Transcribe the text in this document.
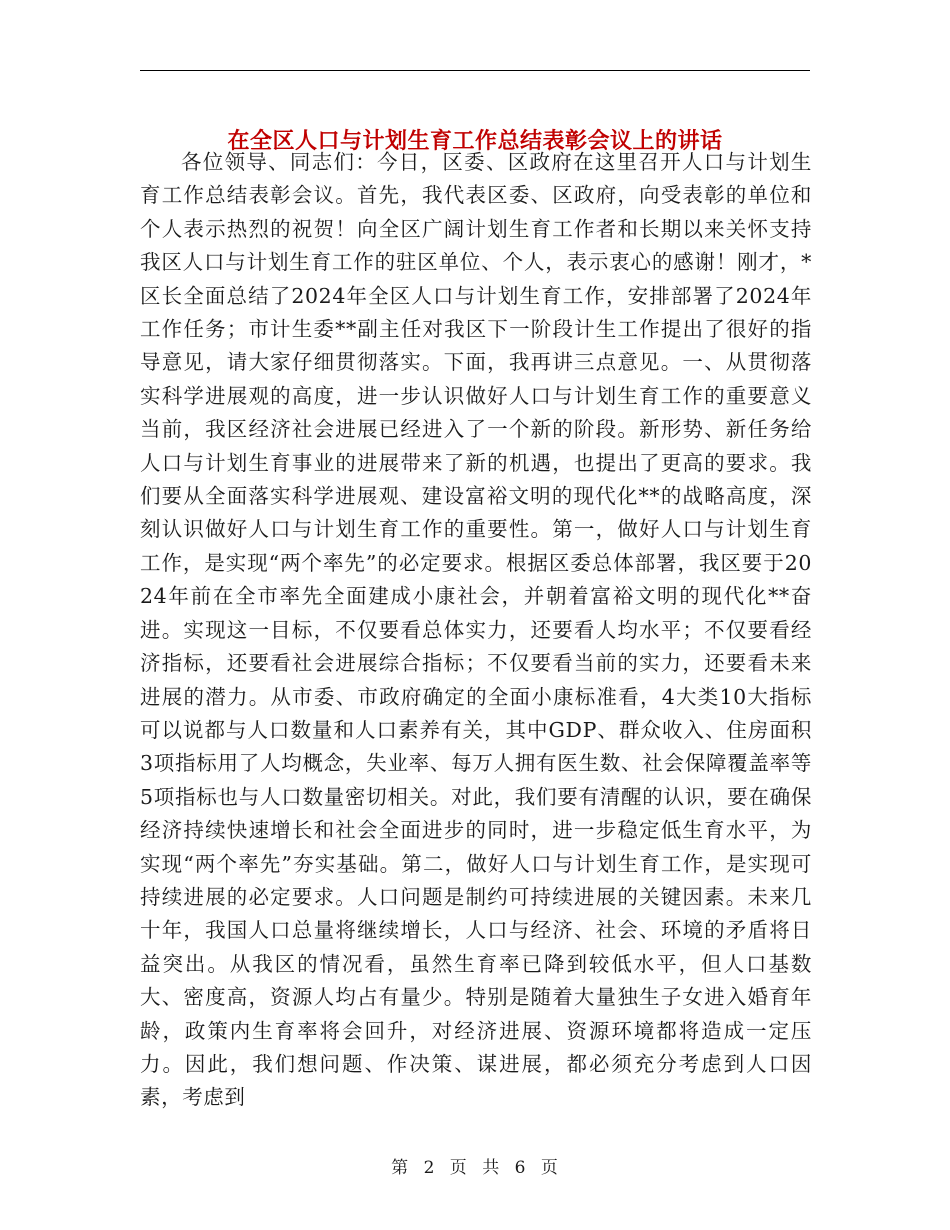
在全区人口与计划生育工作总结表彰会议上的讲话

各位领导、同志们：今日，区委、区政府在这里召开人口与计划生育工作总结表彰会议。首先，我代表区委、区政府，向受表彰的单位和个人表示热烈的祝贺！向全区广阔计划生育工作者和长期以来关怀支持我区人口与计划生育工作的驻区单位、个人，表示衷心的感谢！刚才，*区长全面总结了2024年全区人口与计划生育工作，安排部署了2024年工作任务；市计生委**副主任对我区下一阶段计生工作提出了很好的指导意见，请大家仔细贯彻落实。下面，我再讲三点意见。一、从贯彻落实科学进展观的高度，进一步认识做好人口与计划生育工作的重要意义当前，我区经济社会进展已经进入了一个新的阶段。新形势、新任务给人口与计划生育事业的进展带来了新的机遇，也提出了更高的要求。我们要从全面落实科学进展观、建设富裕文明的现代化**的战略高度，深刻认识做好人口与计划生育工作的重要性。第一，做好人口与计划生育工作，是实现“两个率先”的必定要求。根据区委总体部署，我区要于2024年前在全市率先全面建成小康社会，并朝着富裕文明的现代化**奋进。实现这一目标，不仅要看总体实力，还要看人均水平；不仅要看经济指标，还要看社会进展综合指标；不仅要看当前的实力，还要看未来进展的潜力。从市委、市政府确定的全面小康标准看，4大类10大指标可以说都与人口数量和人口素养有关，其中GDP、群众收入、住房面积3项指标用了人均概念，失业率、每万人拥有医生数、社会保障覆盖率等5项指标也与人口数量密切相关。对此，我们要有清醒的认识，要在确保经济持续快速增长和社会全面进步的同时，进一步稳定低生育水平，为实现“两个率先”夯实基础。第二，做好人口与计划生育工作，是实现可持续进展的必定要求。人口问题是制约可持续进展的关键因素。未来几十年，我国人口总量将继续增长，人口与经济、社会、环境的矛盾将日益突出。从我区的情况看，虽然生育率已降到较低水平，但人口基数大、密度高，资源人均占有量少。特别是随着大量独生子女进入婚育年龄，政策内生育率将会回升，对经济进展、资源环境都将造成一定压力。因此，我们想问题、作决策、谋进展，都必须充分考虑到人口因素，考虑到

第 2 页 共 6 页
